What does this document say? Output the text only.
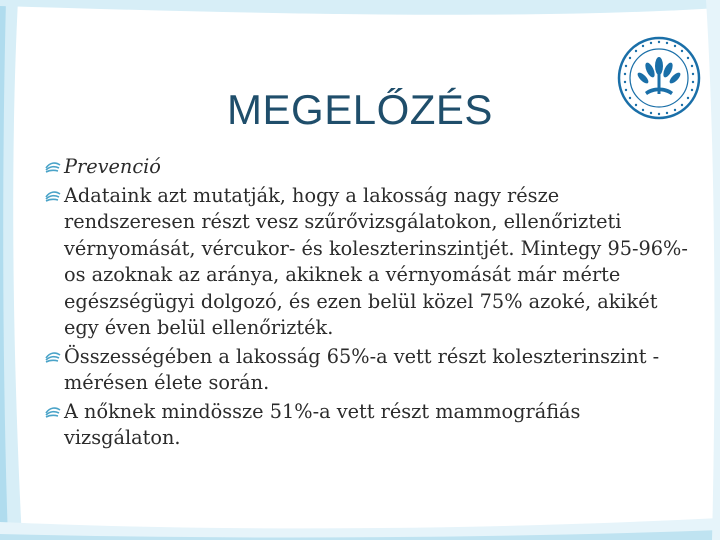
MEGELŐZÉS
Prevenció
Adataink azt mutatják, hogy a lakosság nagy része rendszeresen részt vesz szűrővizsgálatokon, ellenőrizteti vérnyomását, vércukor- és koleszterinszintjét. Mintegy 95-96%-os azoknak az aránya, akiknek a vérnyomását már mérte egészségügyi dolgozó, és ezen belül közel 75% azoké, akikét egy éven belül ellenőrizték.
Összességében a lakosság 65%-a vett részt koleszterinszint -mérésen élete során.
A nőknek mindössze 51%-a vett részt mammográfiás vizsgálaton.
